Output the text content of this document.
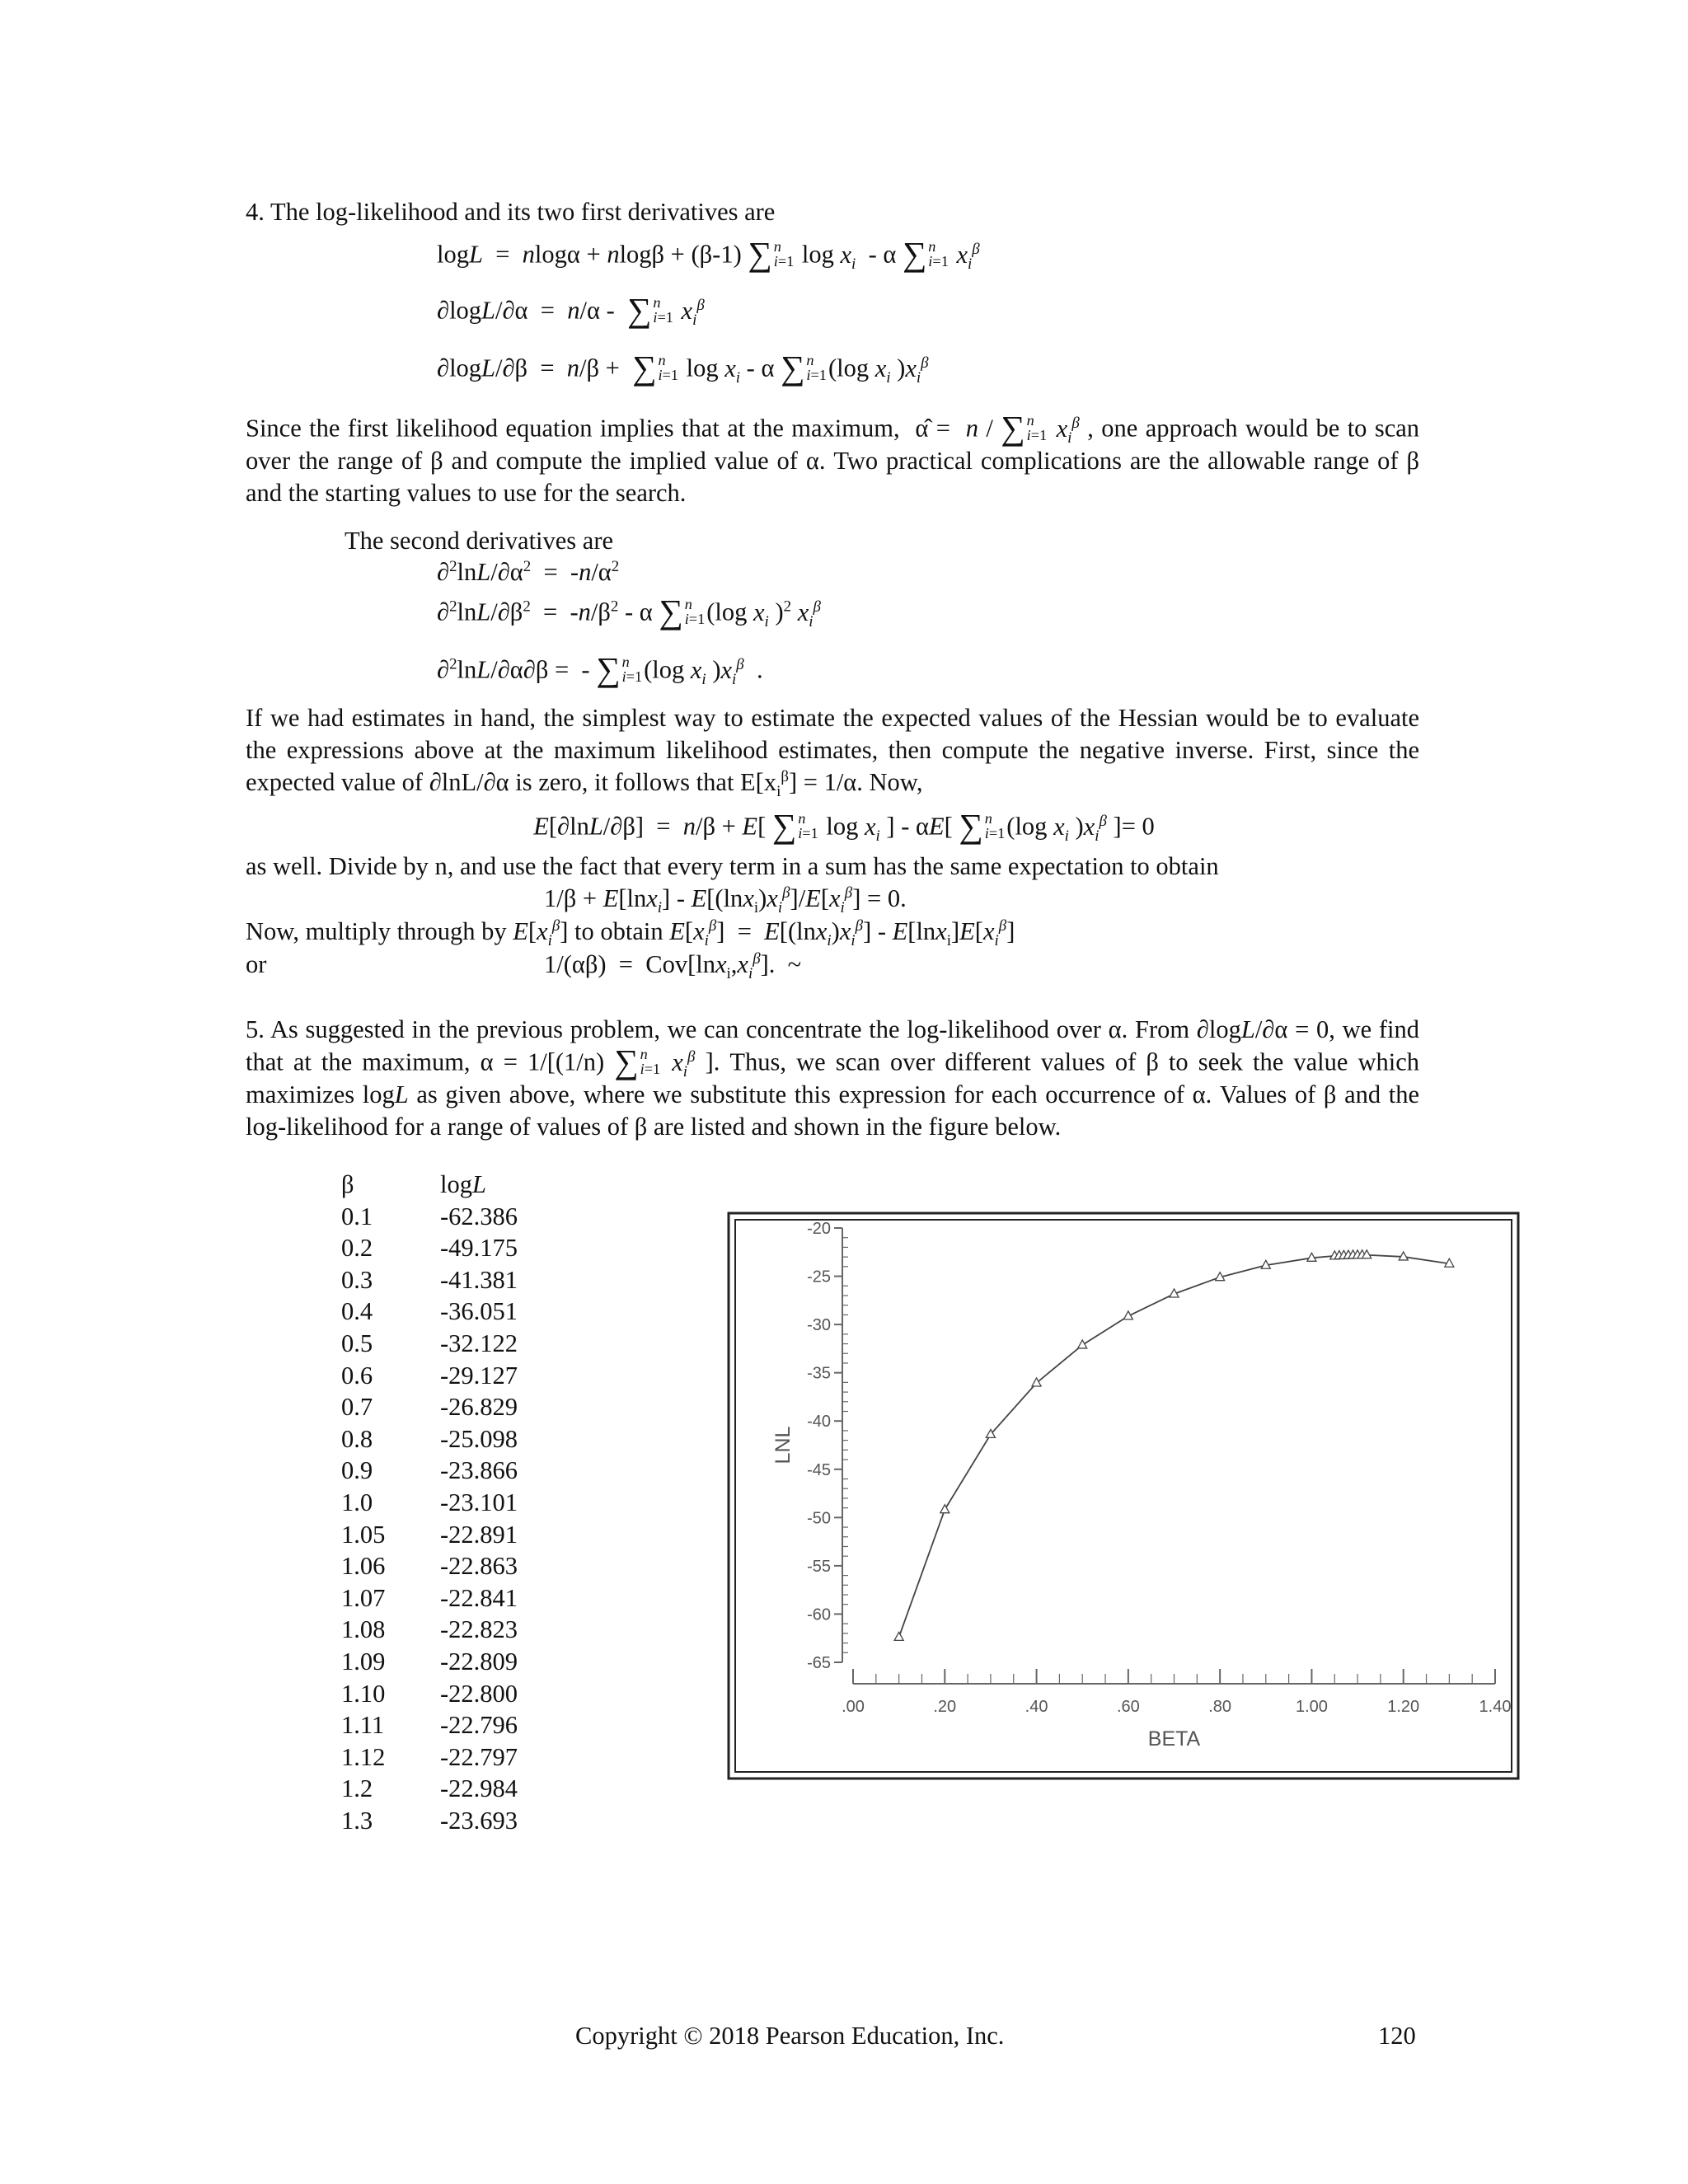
4. The log-likelihood and its two first derivatives are

logL  =  nlogα + nlogβ + (β-1) ∑ n
i=1 $\log x_i$  - α ∑ n
i=1 $x_i^\beta$
∂logL/∂α  =  n/α -  ∑ n
i=1 $x_i^\beta$
∂logL/∂β  =  n/β +  ∑ n
i=1 $\log x_i$ - α ∑ n
i=1 (log $x_i$ )$x_i^\beta$

Since the first likelihood equation implies that at the maximum,  α̂ =  n / ∑ n
i=1 $x_i^\beta$ , one approach would be to scan over the range of β and compute the implied value of α. Two practical complications are the allowable range of β and the starting values to use for the search.

The second derivatives are
$\partial^2\ln L/\partial\alpha^2 = -n/\alpha^2$
$\partial^2\ln L/\partial\beta^2 = -n/\beta^2 - \alpha$ ∑ n
i=1 (log $x_i$ )$^2$ $x_i^\beta$
∂$^2$lnL/∂α∂β =  - ∑ n
i=1 (log $x_i$ )$x_i^\beta$  .

If we had estimates in hand, the simplest way to estimate the expected values of the Hessian would be to evaluate the expressions above at the maximum likelihood estimates, then compute the negative inverse. First, since the expected value of ∂lnL/∂α is zero, it follows that $E[x_i^\beta] = 1/\alpha$. Now,

E[∂lnL/∂β]  =  n/β + E[ ∑ n
i=1 $\log x_i$ ] - αE[ ∑ n
i=1 (log $x_i$ )$x_i^\beta$ ]= 0

as well. Divide by n, and use the fact that every term in a sum has the same expectation to obtain

$1/\beta + E[\ln x_i] - E[(\ln x_i)x_i^\beta]/E[x_i^\beta] = 0$.
Now, multiply through by $E[x_i^\beta]$ to obtain $E[x_i^\beta] = E[(\ln x_i)x_i^\beta] - E[\ln x_i]E[x_i^\beta]$
or	$1/(\alpha\beta) = Cov[\ln x_i,x_i^\beta]$.  ~

5. As suggested in the previous problem, we can concentrate the log-likelihood over α. From ∂logL/∂α = 0, we find that at the maximum, α = 1/[(1/n) ∑ n
i=1 $x_i^\beta$ ]. Thus, we scan over different values of β to seek the value which maximizes logL as given above, where we substitute this expression for each occurrence of α. Values of β and the log-likelihood for a range of values of β are listed and shown in the figure below.

β	logL
0.1	-62.386
0.2	-49.175
0.3	-41.381
0.4	-36.051
0.5	-32.122
0.6	-29.127
0.7	-26.829
0.8	-25.098
0.9	-23.866
1.0	-23.101
1.05	-22.891
1.06	-22.863
1.07	-22.841
1.08	-22.823
1.09	-22.809
1.10	-22.800
1.11	-22.796
1.12	-22.797
1.2	-22.984
1.3	-23.693
-20
-25
-30
-35
-40
-45
-50
-55
-60
-65
LNL
.00	.20	.40	.60	.80	1.00	1.20	1.40
BETA
Copyright © 2018 Pearson Education, Inc.	120
